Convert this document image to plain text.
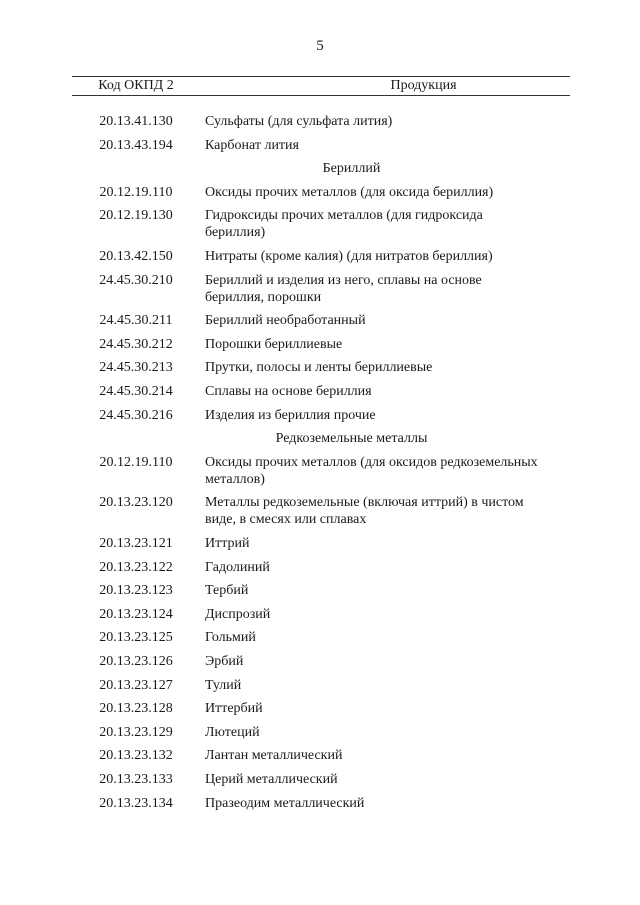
5
Код ОКПД 2	Продукция
20.13.41.130	Сульфаты (для сульфата лития)
20.13.43.194	Карбонат лития
Бериллий
20.12.19.110	Оксиды прочих металлов (для оксида бериллия)
20.12.19.130	Гидроксиды прочих металлов (для гидроксида
бериллия)
20.13.42.150	Нитраты (кроме калия) (для нитратов бериллия)
24.45.30.210	Бериллий и изделия из него, сплавы на основе
бериллия, порошки
24.45.30.211	Бериллий необработанный
24.45.30.212	Порошки бериллиевые
24.45.30.213	Прутки, полосы и ленты бериллиевые
24.45.30.214	Сплавы на основе бериллия
24.45.30.216	Изделия из бериллия прочие
Редкоземельные металлы
20.12.19.110	Оксиды прочих металлов (для оксидов редкоземельных
металлов)
20.13.23.120	Металлы редкоземельные (включая иттрий) в чистом
виде, в смесях или сплавах
20.13.23.121	Иттрий
20.13.23.122	Гадолиний
20.13.23.123	Тербий
20.13.23.124	Диспрозий
20.13.23.125	Гольмий
20.13.23.126	Эрбий
20.13.23.127	Тулий
20.13.23.128	Иттербий
20.13.23.129	Лютеций
20.13.23.132	Лантан металлический
20.13.23.133	Церий металлический
20.13.23.134	Празеодим металлический
